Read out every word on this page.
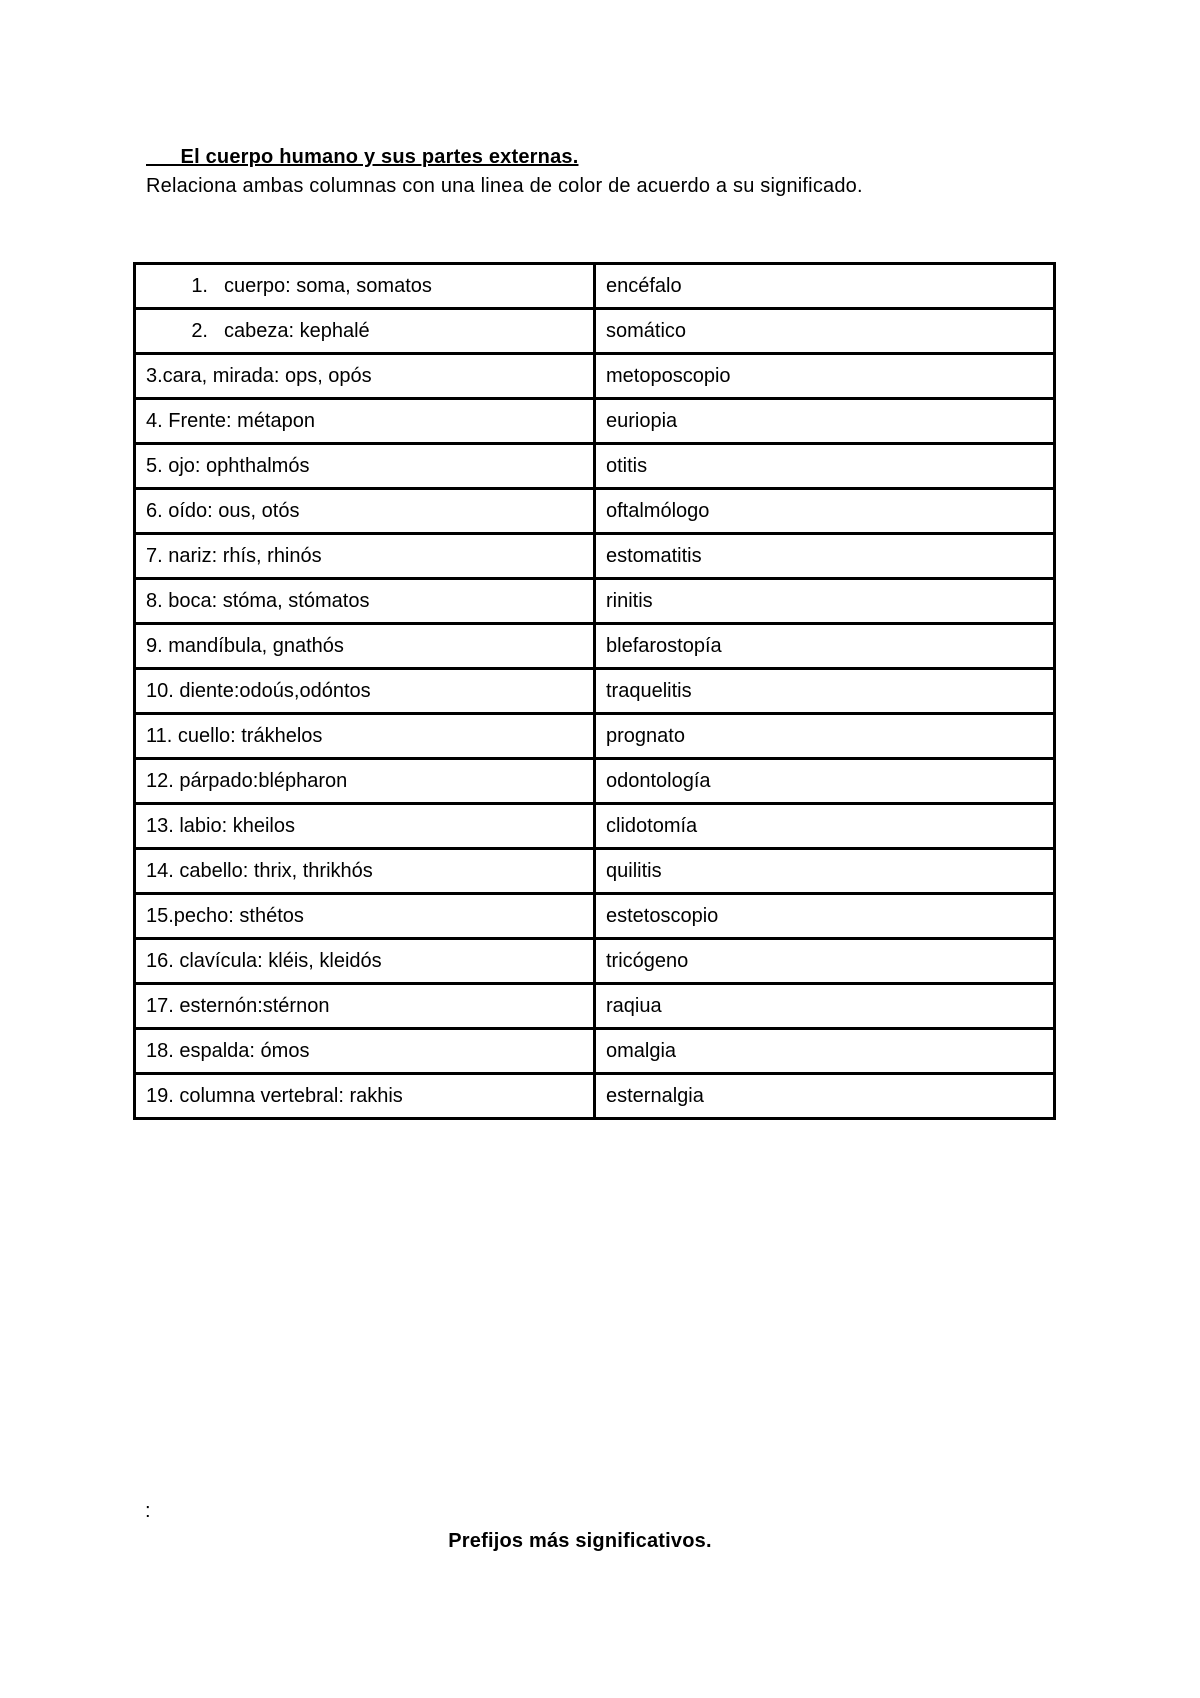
El cuerpo humano y sus partes externas.
Relaciona ambas columnas con una linea de color de acuerdo a su significado.
1. cuerpo: soma, somatos	encéfalo
2. cabeza: kephalé	somático
3.cara, mirada: ops, opós	metoposcopio
4. Frente: métapon	euriopia
5. ojo: ophthalmós	otitis
6. oído: ous, otós	oftalmólogo
7. nariz: rhís, rhinós	estomatitis
8. boca: stóma, stómatos	rinitis
9. mandíbula, gnathós	blefarostopía
10. diente:odoús,odóntos	traquelitis
11. cuello: trákhelos	prognato
12. párpado:blépharon	odontología
13. labio: kheilos	clidotomía
14. cabello: thrix, thrikhós	quilitis
15.pecho: sthétos	estetoscopio
16. clavícula: kléis, kleidós	tricógeno
17. esternón:stérnon	raqiua
18. espalda: ómos	omalgia
19. columna vertebral: rakhis	esternalgia
:
Prefijos más significativos.
